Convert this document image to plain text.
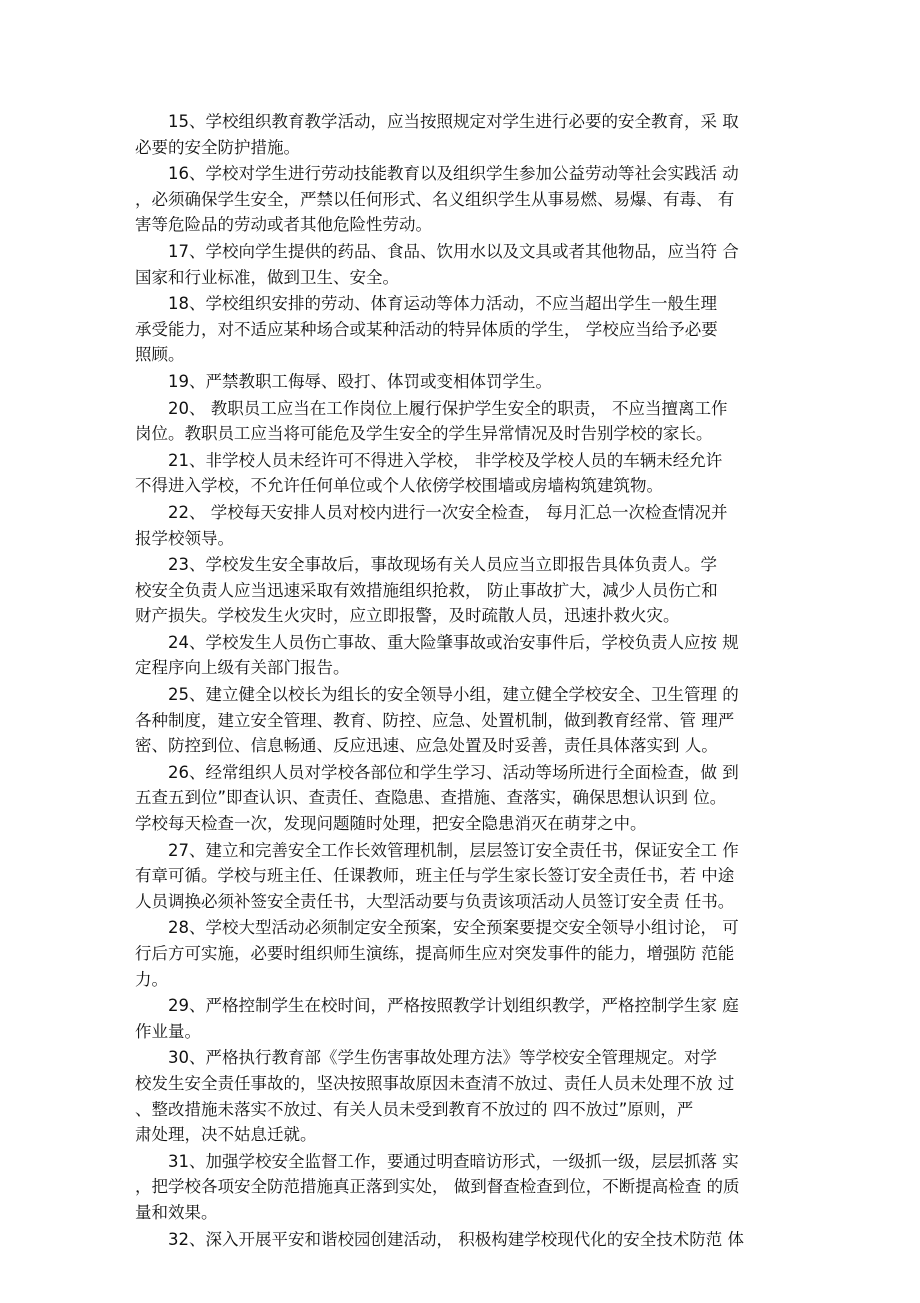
15、学校组织教育教学活动，应当按照规定对学生进行必要的安全教育，采 取
必要的安全防护措施。
16、学校对学生进行劳动技能教育以及组织学生参加公益劳动等社会实践活 动
，必须确保学生安全，严禁以任何形式、名义组织学生从事易燃、易爆、有毒、 有
害等危险品的劳动或者其他危险性劳动。
17、学校向学生提供的药品、食品、饮用水以及文具或者其他物品，应当符 合
国家和行业标准，做到卫生、安全。
18、学校组织安排的劳动、体育运动等体力活动，不应当超出学生一般生理
承受能力，对不适应某种场合或某种活动的特异体质的学生， 学校应当给予必要
照顾。
19、严禁教职工侮辱、殴打、体罚或变相体罚学生。
20、 教职员工应当在工作岗位上履行保护学生安全的职责， 不应当擅离工作
岗位。教职员工应当将可能危及学生安全的学生异常情况及时告别学校的家长。
21、非学校人员未经许可不得进入学校， 非学校及学校人员的车辆未经允许
不得进入学校，不允许任何单位或个人依傍学校围墙或房墙构筑建筑物。
22、 学校每天安排人员对校内进行一次安全检查， 每月汇总一次检查情况并
报学校领导。
23、学校发生安全事故后，事故现场有关人员应当立即报告具体负责人。学
校安全负责人应当迅速采取有效措施组织抢救， 防止事故扩大，减少人员伤亡和
财产损失。学校发生火灾时，应立即报警，及时疏散人员，迅速扑救火灾。
24、学校发生人员伤亡事故、重大险肇事故或治安事件后，学校负责人应按 规
定程序向上级有关部门报告。
25、建立健全以校长为组长的安全领导小组，建立健全学校安全、卫生管理 的
各种制度，建立安全管理、教育、防控、应急、处置机制，做到教育经常、管 理严
密、防控到位、信息畅通、反应迅速、应急处置及时妥善，责任具体落实到 人。
26、经常组织人员对学校各部位和学生学习、活动等场所进行全面检查，做 到
五查五到位”即查认识、查责任、查隐患、查措施、查落实，确保思想认识到 位。
学校每天检查一次，发现问题随时处理，把安全隐患消灭在萌芽之中。
27、建立和完善安全工作长效管理机制，层层签订安全责任书，保证安全工 作
有章可循。学校与班主任、任课教师，班主任与学生家长签订安全责任书，若 中途
人员调换必须补签安全责任书，大型活动要与负责该项活动人员签订安全责 任书。
28、学校大型活动必须制定安全预案，安全预案要提交安全领导小组讨论， 可
行后方可实施，必要时组织师生演练，提高师生应对突发事件的能力，增强防 范能
力。
29、严格控制学生在校时间，严格按照教学计划组织教学，严格控制学生家 庭
作业量。
30、严格执行教育部《学生伤害事故处理方法》等学校安全管理规定。对学
校发生安全责任事故的，坚决按照事故原因未查清不放过、责任人员未处理不放 过
、整改措施未落实不放过、有关人员未受到教育不放过的 四不放过”原则，严
肃处理，决不姑息迁就。
31、加强学校安全监督工作，要通过明查暗访形式，一级抓一级，层层抓落 实
，把学校各项安全防范措施真正落到实处， 做到督查检查到位，不断提高检查 的质
量和效果。
32、深入开展平安和谐校园创建活动， 积极构建学校现代化的安全技术防范 体
